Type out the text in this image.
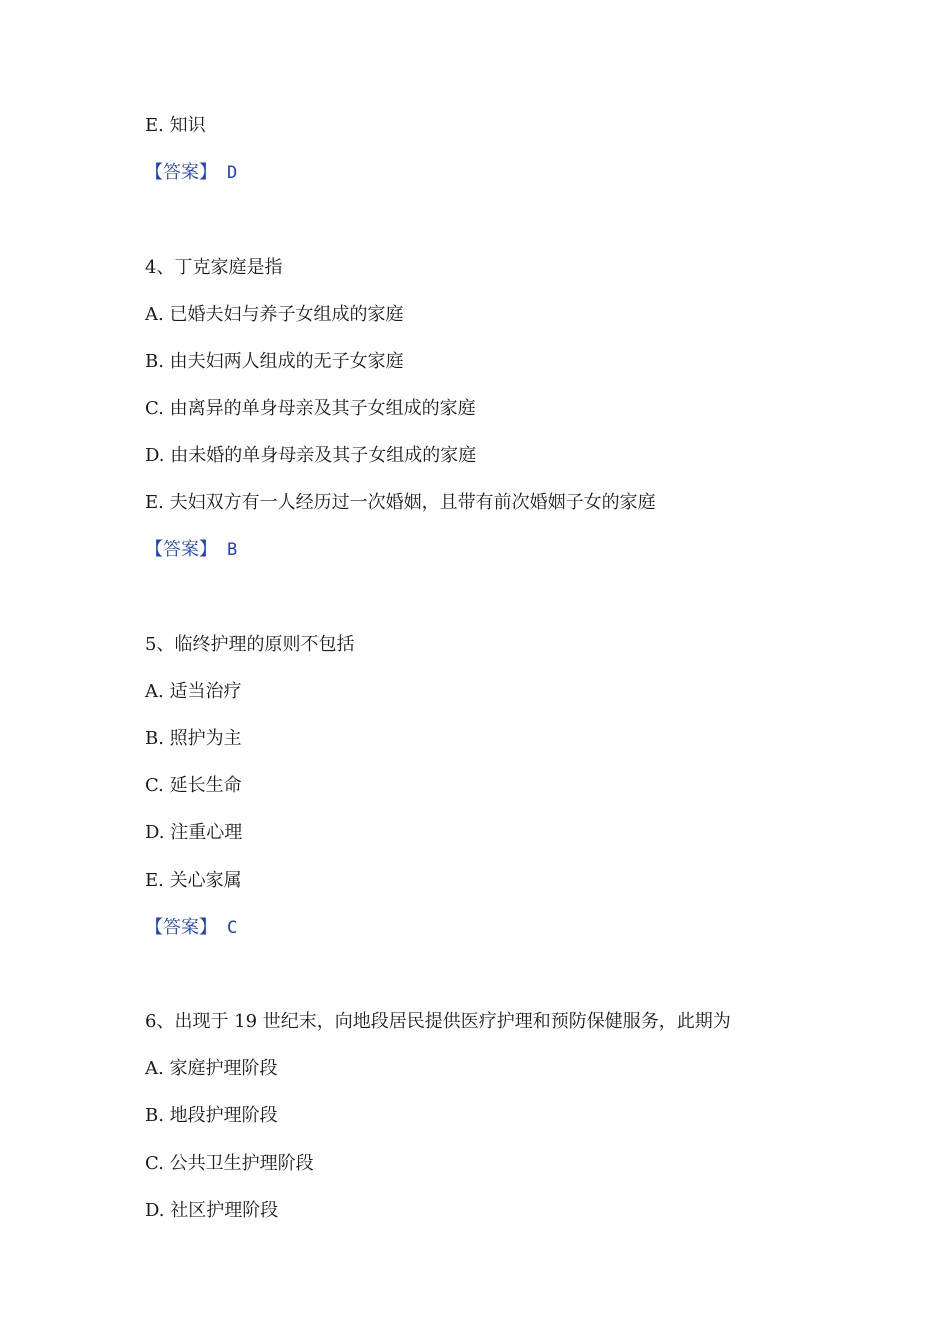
E. 知识
【答案】 D
4、丁克家庭是指
A. 已婚夫妇与养子女组成的家庭
B. 由夫妇两人组成的无子女家庭
C. 由离异的单身母亲及其子女组成的家庭
D. 由未婚的单身母亲及其子女组成的家庭
E. 夫妇双方有一人经历过一次婚姻，且带有前次婚姻子女的家庭
【答案】 B
5、临终护理的原则不包括
A. 适当治疗
B. 照护为主
C. 延长生命
D. 注重心理
E. 关心家属
【答案】 C
6、出现于 19 世纪末，向地段居民提供医疗护理和预防保健服务，此期为
A. 家庭护理阶段
B. 地段护理阶段
C. 公共卫生护理阶段
D. 社区护理阶段
